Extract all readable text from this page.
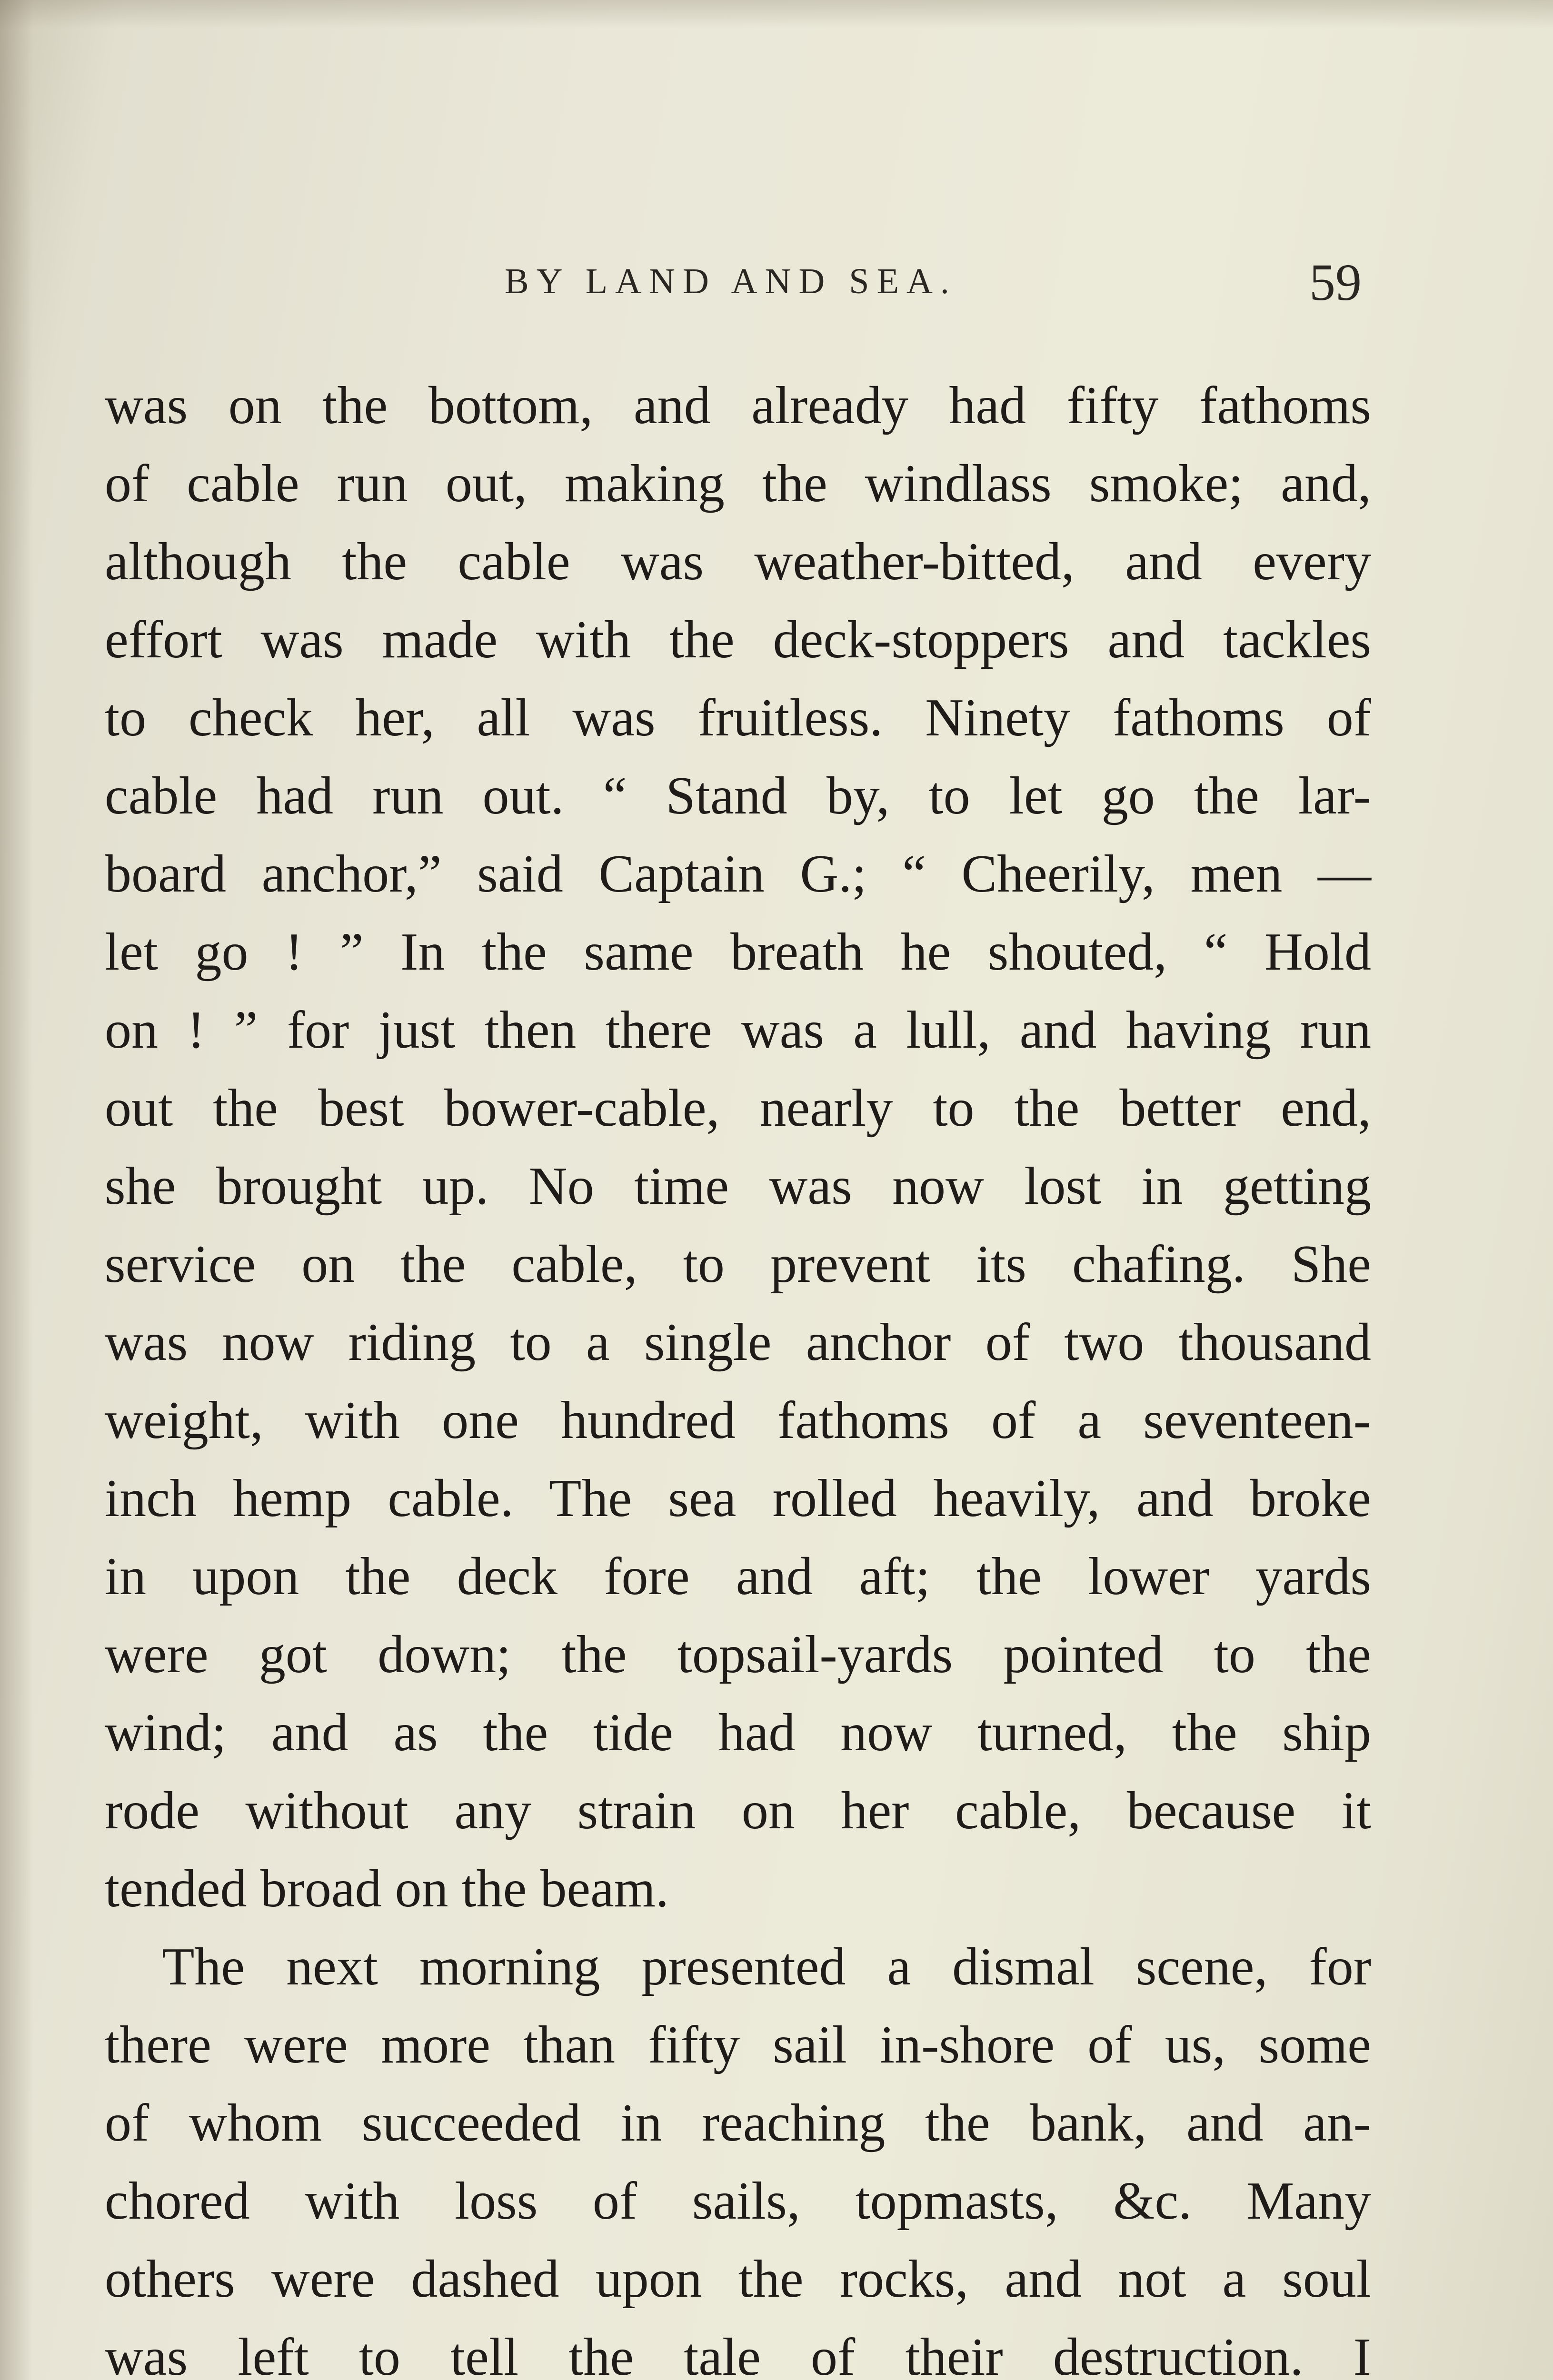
BY LAND AND SEA.	59
was on the bottom, and already had fifty fathoms
of cable run out, making the windlass smoke; and,
although the cable was weather-bitted, and every
effort was made with the deck-stoppers and tackles
to check her, all was fruitless. Ninety fathoms of
cable had run out. “ Stand by, to let go the lar-
board anchor,” said Captain G.; “ Cheerily, men —
let go ! ” In the same breath he shouted, “ Hold
on ! ” for just then there was a lull, and having run
out the best bower-cable, nearly to the better end,
she brought up. No time was now lost in getting
service on the cable, to prevent its chafing. She
was now riding to a single anchor of two thousand
weight, with one hundred fathoms of a seventeen-
inch hemp cable. The sea rolled heavily, and broke
in upon the deck fore and aft; the lower yards
were got down; the topsail-yards pointed to the
wind; and as the tide had now turned, the ship
rode without any strain on her cable, because it
tended broad on the beam.
The next morning presented a dismal scene, for
there were more than fifty sail in-shore of us, some
of whom succeeded in reaching the bank, and an-
chored with loss of sails, topmasts, &c. Many
others were dashed upon the rocks, and not a soul
was left to tell the tale of their destruction. I
